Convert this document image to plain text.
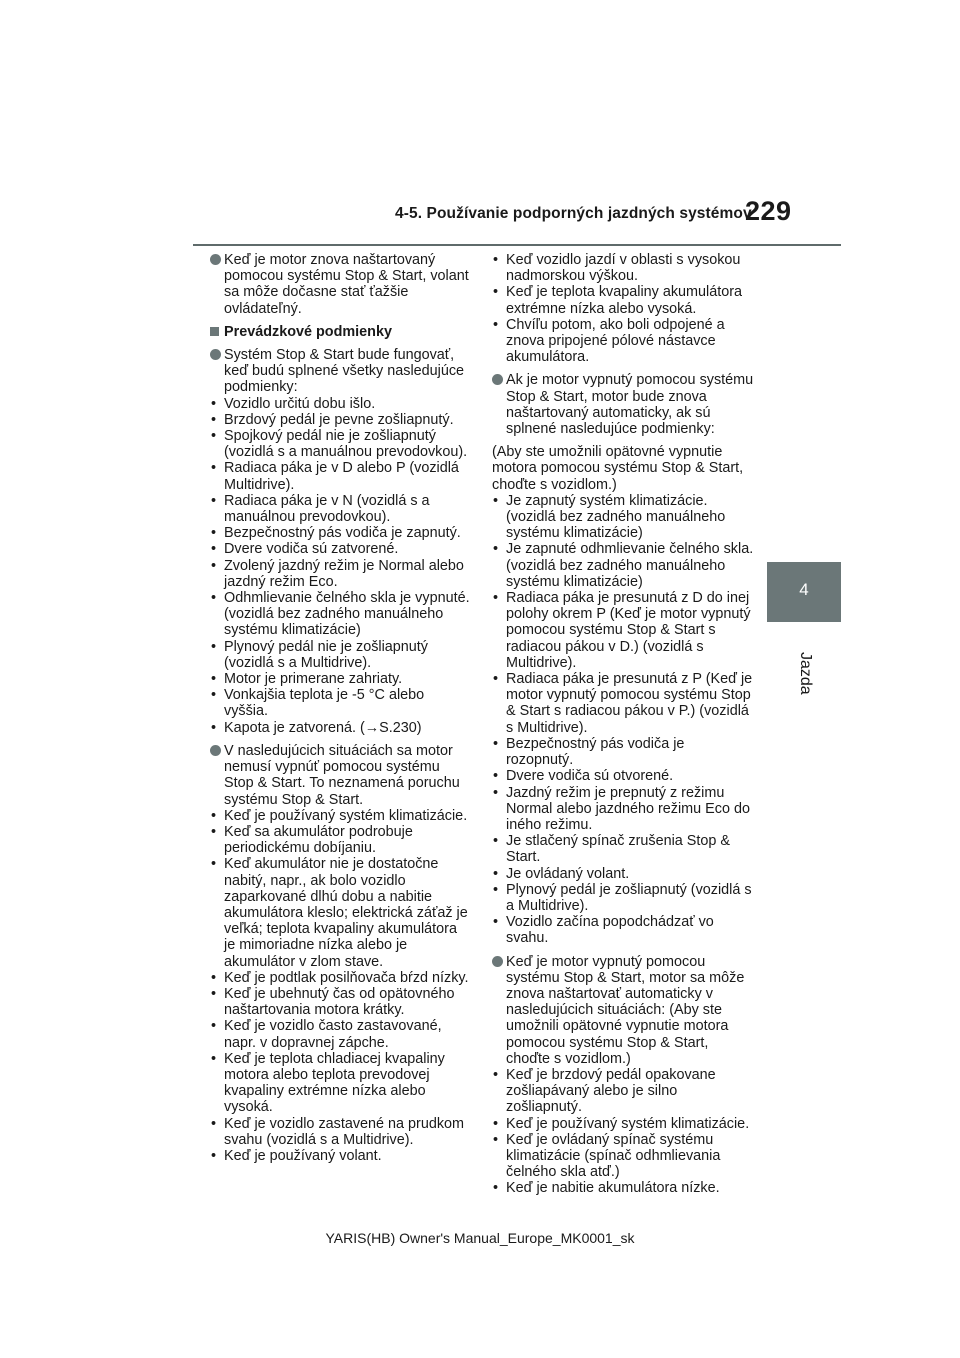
4-5. Používanie podporných jazdných systémov
229
4
Jazda
Keď je motor znova naštartovaný pomocou systému Stop & Start, volant sa môže dočasne stať ťažšie ovládateľný.
Prevádzkové podmienky
Systém Stop & Start bude fungovať, keď budú splnené všetky nasledujúce podmienky:
• Vozidlo určitú dobu išlo.
• Brzdový pedál je pevne zošliapnutý.
• Spojkový pedál nie je zošliapnutý (vozidlá s a manuálnou prevodovkou).
• Radiaca páka je v D alebo P (vozidlá Multidrive).
• Radiaca páka je v N (vozidlá s a manuálnou prevodovkou).
• Bezpečnostný pás vodiča je zapnutý.
• Dvere vodiča sú zatvorené.
• Zvolený jazdný režim je Normal alebo jazdný režim Eco.
• Odhmlievanie čelného skla je vypnuté. (vozidlá bez zadného manuálneho systému klimatizácie)
• Plynový pedál nie je zošliapnutý (vozidlá s a Multidrive).
• Motor je primerane zahriaty.
• Vonkajšia teplota je -5 °C alebo vyššia.
• Kapota je zatvorená. (→S.230)
V nasledujúcich situáciách sa motor nemusí vypnúť pomocou systému Stop & Start. To neznamená poruchu systému Stop & Start.
• Keď je používaný systém klimatizácie.
• Keď sa akumulátor podrobuje periodickému dobíjaniu.
• Keď akumulátor nie je dostatočne nabitý, napr., ak bolo vozidlo zaparkované dlhú dobu a nabitie akumulátora kleslo; elektrická záťaž je veľká; teplota kvapaliny akumulátora je mimoriadne nízka alebo je akumulátor v zlom stave.
• Keď je podtlak posilňovača bŕzd nízky.
• Keď je ubehnutý čas od opätovného naštartovania motora krátky.
• Keď je vozidlo často zastavované, napr. v dopravnej zápche.
• Keď je teplota chladiacej kvapaliny motora alebo teplota prevodovej kvapaliny extrémne nízka alebo vysoká.
• Keď je vozidlo zastavené na prudkom svahu (vozidlá s a Multidrive).
• Keď je používaný volant.
• Keď vozidlo jazdí v oblasti s vysokou nadmorskou výškou.
• Keď je teplota kvapaliny akumulátora extrémne nízka alebo vysoká.
• Chvíľu potom, ako boli odpojené a znova pripojené pólové nástavce akumulátora.
Ak je motor vypnutý pomocou systému Stop & Start, motor bude znova naštartovaný automaticky, ak sú splnené nasledujúce podmienky:

(Aby ste umožnili opätovné vypnutie motora pomocou systému Stop & Start, choďte s vozidlom.)

• Je zapnutý systém klimatizácie. (vozidlá bez zadného manuálneho systému klimatizácie)
• Je zapnuté odhmlievanie čelného skla. (vozidlá bez zadného manuálneho systému klimatizácie)
• Radiaca páka je presunutá z D do inej polohy okrem P (Keď je motor vypnutý pomocou systému Stop & Start s radiacou pákou v D.) (vozidlá s Multidrive).
• Radiaca páka je presunutá z P (Keď je motor vypnutý pomocou systému Stop & Start s radiacou pákou v P.) (vozidlá s Multidrive).
• Bezpečnostný pás vodiča je rozopnutý.
• Dvere vodiča sú otvorené.
• Jazdný režim je prepnutý z režimu Normal alebo jazdného režimu Eco do iného režimu.
• Je stlačený spínač zrušenia Stop & Start.
• Je ovládaný volant.
• Plynový pedál je zošliapnutý (vozidlá s a Multidrive).
• Vozidlo začína popodchádzať vo svahu.
Keď je motor vypnutý pomocou systému Stop & Start, motor sa môže znova naštartovať automaticky v nasledujúcich situáciách: (Aby ste umožnili opätovné vypnutie motora pomocou systému Stop & Start, choďte s vozidlom.)
• Keď je brzdový pedál opakovane zošliapávaný alebo je silno zošliapnutý.
• Keď je používaný systém klimatizácie.
• Keď je ovládaný spínač systému klimatizácie (spínač odhmlievania čelného skla atď.)
• Keď je nabitie akumulátora nízke.
YARIS(HB) Owner's Manual_Europe_MK0001_sk
